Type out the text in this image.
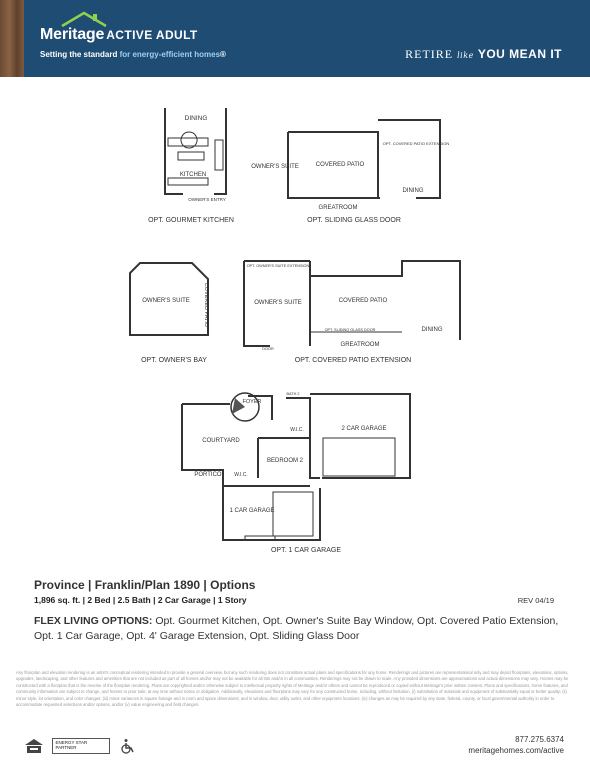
Meritage ACTIVE ADULT
Setting the standard for energy-efficient homes®	RETIRE like YOU MEAN IT
DINING
KITCHEN
OWNER'S ENTRY
OPT. GOURMET KITCHEN
OWNER'S SUITE	COVERED PATIO
DINING
GREATROOM
OPT. COVERED PATIO EXTENSION
OPT. SLIDING GLASS DOOR
OWNER'S SUITE COVERED PATIO
OPT. OWNER'S BAY
OPT. OWNER'S SUITE EXTENSION
OWNER'S SUITE	COVERED PATIO
OPT. SLIDING GLASS DOOR	DINING
GREATROOM
DOOR
OPT. COVERED PATIO EXTENSION
FOYER
COURTYARD
W.I.C.
BEDROOM 2
2 CAR GARAGE
PORTICO	W.I.C.
1 CAR GARAGE
BATH 2
OPT. 1 CAR GARAGE
Province | Franklin/Plan 1890 | Options
1,896 sq. ft. | 2 Bed | 2.5 Bath | 2 Car Garage | 1 Story	REV 04/19
FLEX LIVING OPTIONS: Opt. Gourmet Kitchen, Opt. Owner's Suite Bay Window, Opt. Covered Patio Extension, Opt. 1 Car Garage, Opt. 4' Garage Extension, Opt. Sliding Glass Door
Any floorplan and elevation rendering is an artist's conceptual rendering intended to provide a general overview, but any such rendering does not constitute actual plans and specifications for any home. Renderings and pictures are representational only and may depict floorplans, elevations, options, upgrades, landscaping, and other features and amenities that are not included as part of all homes and/or may not be available for all lots and/or in all communities. Renderings may not be drawn to scale. Any provided dimensions are approximations and actual dimensions may vary. Homes may be constructed with a floorplan that is the reverse of the floorplan rendering. Plans are copyrighted and/or otherwise subject to intellectual property rights of Meritage and/or others and cannot be reproduced or copied without Meritage's prior written consent. Plans and specifications, home features, and community information are subject to change, and homes to prior sale, at any time without notice or obligation. Additionally, elevations and floorplans may vary for any constructed home, including, without limitation, (i) substitution of materials and equipment of substantially equal or better quality; (ii) minor style, lot orientation, and color changes; (iii) minor variances in square footage and in room and space dimensions; and in window, door, utility outlet, and other equipment locations; (iv) changes as may be required by any state, federal, county, or local governmental authority in order to accommodate requested selections and/or options, and/or (v) value engineering and field changes.
ENERGY STAR PARTNER
877.275.6374
meritagehomes.com/active
